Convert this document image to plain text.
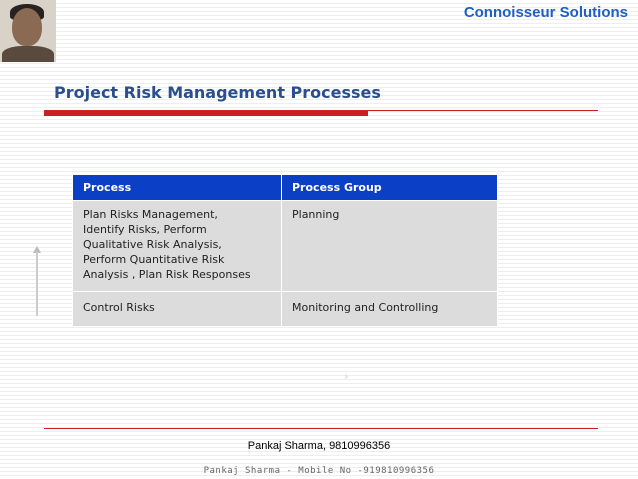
Connoisseur Solutions
Project Risk Management Processes
Process	Process Group

Plan Risks Management,
Identify Risks, Perform
Qualitative Risk Analysis,
Perform Quantitative Risk
Analysis , Plan Risk Responses	Planning

Control Risks	Monitoring and Controlling
›
Pankaj Sharma, 9810996356
Pankaj Sharma - Mobile No -919810996356
